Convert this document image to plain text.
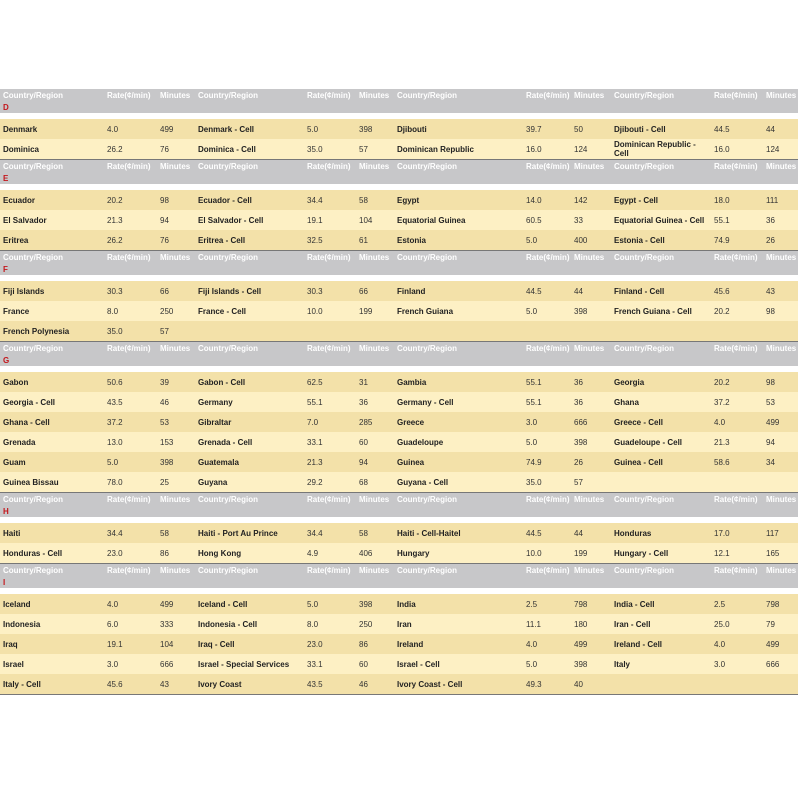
Country/Region	Rate(¢/min)	Minutes	Country/Region	Rate(¢/min)	Minutes	Country/Region	Rate(¢/min)	Minutes	Country/Region	Rate(¢/min)	Minutes
D											

Denmark	4.0	499	Denmark - Cell	5.0	398	Djibouti	39.7	50	Djibouti - Cell	44.5	44
Dominica	26.2	76	Dominica - Cell	35.0	57	Dominican Republic	16.0	124	Dominican Republic - Cell	16.0	124
Country/Region	Rate(¢/min)	Minutes	Country/Region	Rate(¢/min)	Minutes	Country/Region	Rate(¢/min)	Minutes	Country/Region	Rate(¢/min)	Minutes
E											

Ecuador	20.2	98	Ecuador - Cell	34.4	58	Egypt	14.0	142	Egypt - Cell	18.0	111
El Salvador	21.3	94	El Salvador - Cell	19.1	104	Equatorial Guinea	60.5	33	Equatorial Guinea - Cell	55.1	36
Eritrea	26.2	76	Eritrea - Cell	32.5	61	Estonia	5.0	400	Estonia - Cell	74.9	26
Country/Region	Rate(¢/min)	Minutes	Country/Region	Rate(¢/min)	Minutes	Country/Region	Rate(¢/min)	Minutes	Country/Region	Rate(¢/min)	Minutes
F											

Fiji Islands	30.3	66	Fiji Islands - Cell	30.3	66	Finland	44.5	44	Finland - Cell	45.6	43
France	8.0	250	France - Cell	10.0	199	French Guiana	5.0	398	French Guiana - Cell	20.2	98
French Polynesia	35.0	57									
Country/Region	Rate(¢/min)	Minutes	Country/Region	Rate(¢/min)	Minutes	Country/Region	Rate(¢/min)	Minutes	Country/Region	Rate(¢/min)	Minutes
G											

Gabon	50.6	39	Gabon - Cell	62.5	31	Gambia	55.1	36	Georgia	20.2	98
Georgia - Cell	43.5	46	Germany	55.1	36	Germany - Cell	55.1	36	Ghana	37.2	53
Ghana - Cell	37.2	53	Gibraltar	7.0	285	Greece	3.0	666	Greece - Cell	4.0	499
Grenada	13.0	153	Grenada - Cell	33.1	60	Guadeloupe	5.0	398	Guadeloupe - Cell	21.3	94
Guam	5.0	398	Guatemala	21.3	94	Guinea	74.9	26	Guinea - Cell	58.6	34
Guinea Bissau	78.0	25	Guyana	29.2	68	Guyana - Cell	35.0	57			
Country/Region	Rate(¢/min)	Minutes	Country/Region	Rate(¢/min)	Minutes	Country/Region	Rate(¢/min)	Minutes	Country/Region	Rate(¢/min)	Minutes
H											

Haiti	34.4	58	Haiti - Port Au Prince	34.4	58	Haiti - Cell-Haitel	44.5	44	Honduras	17.0	117
Honduras - Cell	23.0	86	Hong Kong	4.9	406	Hungary	10.0	199	Hungary - Cell	12.1	165
Country/Region	Rate(¢/min)	Minutes	Country/Region	Rate(¢/min)	Minutes	Country/Region	Rate(¢/min)	Minutes	Country/Region	Rate(¢/min)	Minutes
I											

Iceland	4.0	499	Iceland - Cell	5.0	398	India	2.5	798	India - Cell	2.5	798
Indonesia	6.0	333	Indonesia - Cell	8.0	250	Iran	11.1	180	Iran - Cell	25.0	79
Iraq	19.1	104	Iraq - Cell	23.0	86	Ireland	4.0	499	Ireland - Cell	4.0	499
Israel	3.0	666	Israel - Special Services	33.1	60	Israel - Cell	5.0	398	Italy	3.0	666
Italy - Cell	45.6	43	Ivory Coast	43.5	46	Ivory Coast - Cell	49.3	40			
